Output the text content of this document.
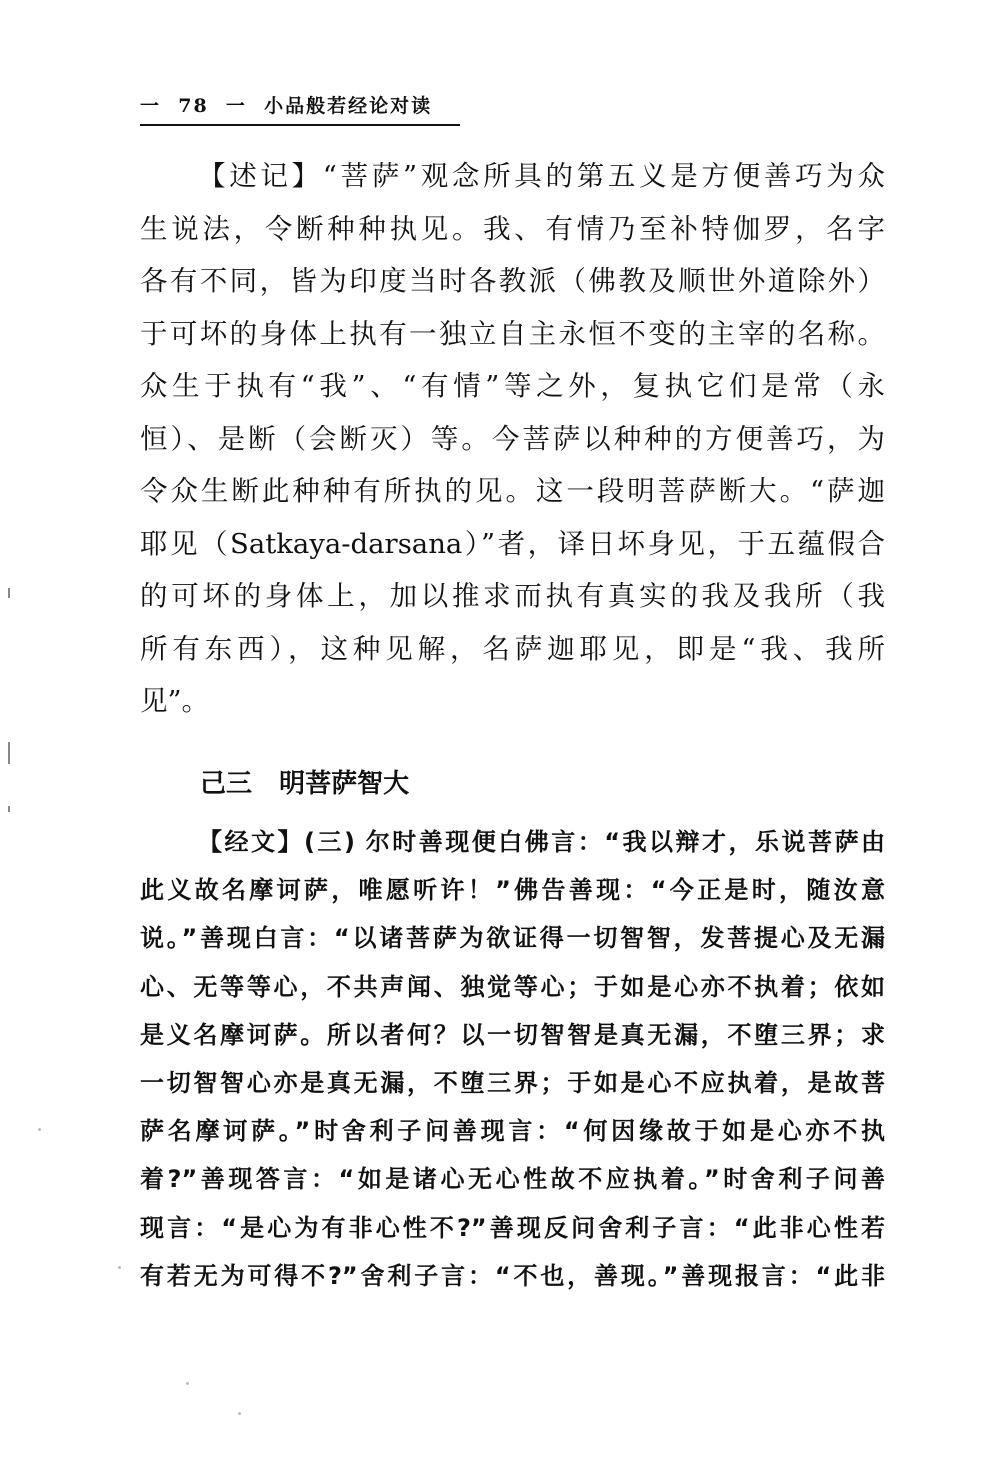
一  78  一  小品般若经论对读
【述记】“菩萨”观念所具的第五义是方便善巧为众
生说法，令断种种执见。我、有情乃至补特伽罗，名字
各有不同，皆为印度当时各教派（佛教及顺世外道除外）
于可坏的身体上执有一独立自主永恒不变的主宰的名称。
众生于执有“我”、“有情”等之外，复执它们是常（永
恒）、是断（会断灭）等。今菩萨以种种的方便善巧，为
令众生断此种种有所执的见。这一段明菩萨断大。“萨迦
耶见（Satkaya-darsana）”者，译日坏身见，于五蕴假合
的可坏的身体上，加以推求而执有真实的我及我所（我
所有东西），这种见解，名萨迦耶见，即是“我、我所
见”。
己三   明菩萨智大
【经文】(三) 尔时善现便白佛言：“我以辩才，乐说菩萨由
此义故名摩诃萨，唯愿听许！”佛告善现：“今正是时，随汝意
说。”善现白言：“以诸菩萨为欲证得一切智智，发菩提心及无漏
心、无等等心，不共声闻、独觉等心；于如是心亦不执着；依如
是义名摩诃萨。所以者何？以一切智智是真无漏，不堕三界；求
一切智智心亦是真无漏，不堕三界；于如是心不应执着，是故菩
萨名摩诃萨。”时舍利子问善现言：“何因缘故于如是心亦不执
着?”善现答言：“如是诸心无心性故不应执着。”时舍利子问善
现言：“是心为有非心性不?”善现反问舍利子言：“此非心性若
有若无为可得不?”舍利子言：“不也，善现。”善现报言：“此非
